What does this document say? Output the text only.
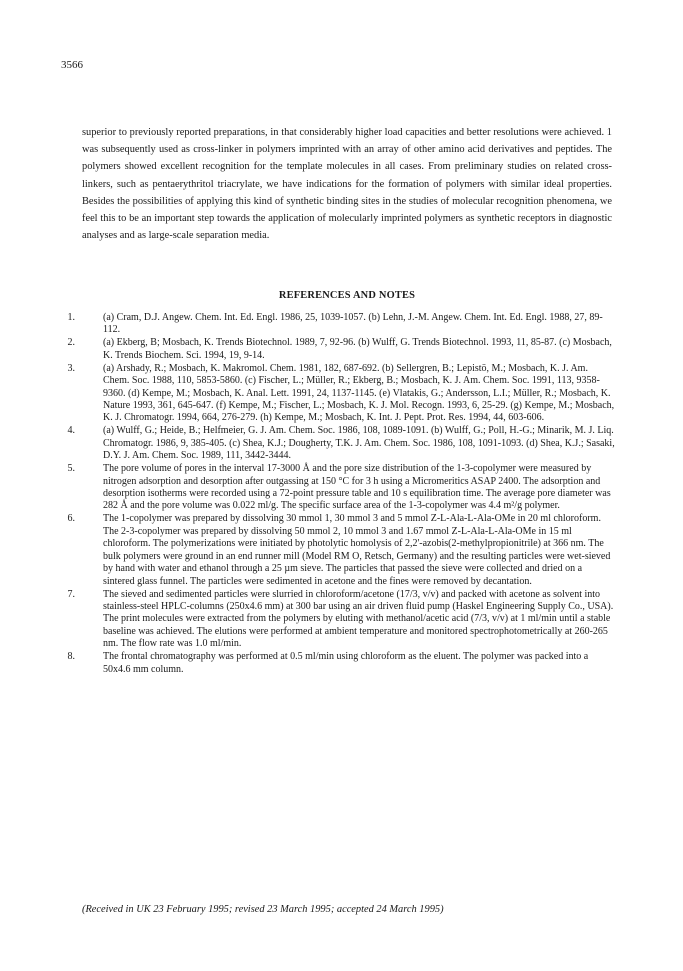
3566

superior to previously reported preparations, in that considerably higher load capacities and better resolutions were achieved. 1 was subsequently used as cross-linker in polymers imprinted with an array of other amino acid derivatives and peptides. The polymers showed excellent recognition for the template molecules in all cases. From preliminary studies on related cross-linkers, such as pentaerythritol triacrylate, we have indications for the formation of polymers with similar ideal properties. Besides the possibilities of applying this kind of synthetic binding sites in the studies of molecular recognition phenomena, we feel this to be an important step towards the application of molecularly imprinted polymers as synthetic receptors in diagnostic analyses and as large-scale separation media.

REFERENCES AND NOTES
1.	(a) Cram, D.J. Angew. Chem. Int. Ed. Engl. 1986, 25, 1039-1057. (b) Lehn, J.-M. Angew. Chem. Int. Ed. Engl. 1988, 27, 89-112.
2.	(a) Ekberg, B; Mosbach, K. Trends Biotechnol. 1989, 7, 92-96. (b) Wulff, G. Trends Biotechnol. 1993, 11, 85-87. (c) Mosbach, K. Trends Biochem. Sci. 1994, 19, 9-14.
3.	(a) Arshady, R.; Mosbach, K. Makromol. Chem. 1981, 182, 687-692. (b) Sellergren, B.; Lepistö, M.; Mosbach, K. J. Am. Chem. Soc. 1988, 110, 5853-5860. (c) Fischer, L.; Müller, R.; Ekberg, B.; Mosbach, K. J. Am. Chem. Soc. 1991, 113, 9358-9360. (d) Kempe, M.; Mosbach, K. Anal. Lett. 1991, 24, 1137-1145. (e) Vlatakis, G.; Andersson, L.I.; Müller, R.; Mosbach, K. Nature 1993, 361, 645-647. (f) Kempe, M.; Fischer, L.; Mosbach, K. J. Mol. Recogn. 1993, 6, 25-29. (g) Kempe, M.; Mosbach, K. J. Chromatogr. 1994, 664, 276-279. (h) Kempe, M.; Mosbach, K. Int. J. Pept. Prot. Res. 1994, 44, 603-606.
4.	(a) Wulff, G.; Heide, B.; Helfmeier, G. J. Am. Chem. Soc. 1986, 108, 1089-1091. (b) Wulff, G.; Poll, H.-G.; Minarik, M. J. Liq. Chromatogr. 1986, 9, 385-405. (c) Shea, K.J.; Dougherty, T.K. J. Am. Chem. Soc. 1986, 108, 1091-1093. (d) Shea, K.J.; Sasaki, D.Y. J. Am. Chem. Soc. 1989, 111, 3442-3444.
5.	The pore volume of pores in the interval 17-3000 Å and the pore size distribution of the 1-3-copolymer were measured by nitrogen adsorption and desorption after outgassing at 150 °C for 3 h using a Micromeritics ASAP 2400. The adsorption and desorption isotherms were recorded using a 72-point pressure table and 10 s equilibration time. The average pore diameter was 282 Å and the pore volume was 0.022 ml/g. The specific surface area of the 1-3-copolymer was 4.4 m²/g polymer.
6.	The 1-copolymer was prepared by dissolving 30 mmol 1, 30 mmol 3 and 5 mmol Z-L-Ala-L-Ala-OMe in 20 ml chloroform. The 2-3-copolymer was prepared by dissolving 50 mmol 2, 10 mmol 3 and 1.67 mmol Z-L-Ala-L-Ala-OMe in 15 ml chloroform. The polymerizations were initiated by photolytic homolysis of 2,2'-azobis(2-methylpropionitrile) at 366 nm. The bulk polymers were ground in an end runner mill (Model RM O, Retsch, Germany) and the resulting particles were wet-sieved by hand with water and ethanol through a 25 µm sieve. The particles that passed the sieve were collected and dried on a sintered glass funnel. The particles were sedimented in acetone and the fines were removed by decantation.
7.	The sieved and sedimented particles were slurried in chloroform/acetone (17/3, v/v) and packed with acetone as solvent into stainless-steel HPLC-columns (250x4.6 mm) at 300 bar using an air driven fluid pump (Haskel Engineering Supply Co., USA). The print molecules were extracted from the polymers by eluting with methanol/acetic acid (7/3, v/v) at 1 ml/min until a stable baseline was achieved. The elutions were performed at ambient temperature and monitored spectrophotometrically at 260-265 nm. The flow rate was 1.0 ml/min.
8.	The frontal chromatography was performed at 0.5 ml/min using chloroform as the eluent. The polymer was packed into a 50x4.6 mm column.

(Received in UK 23 February 1995; revised 23 March 1995; accepted 24 March 1995)
